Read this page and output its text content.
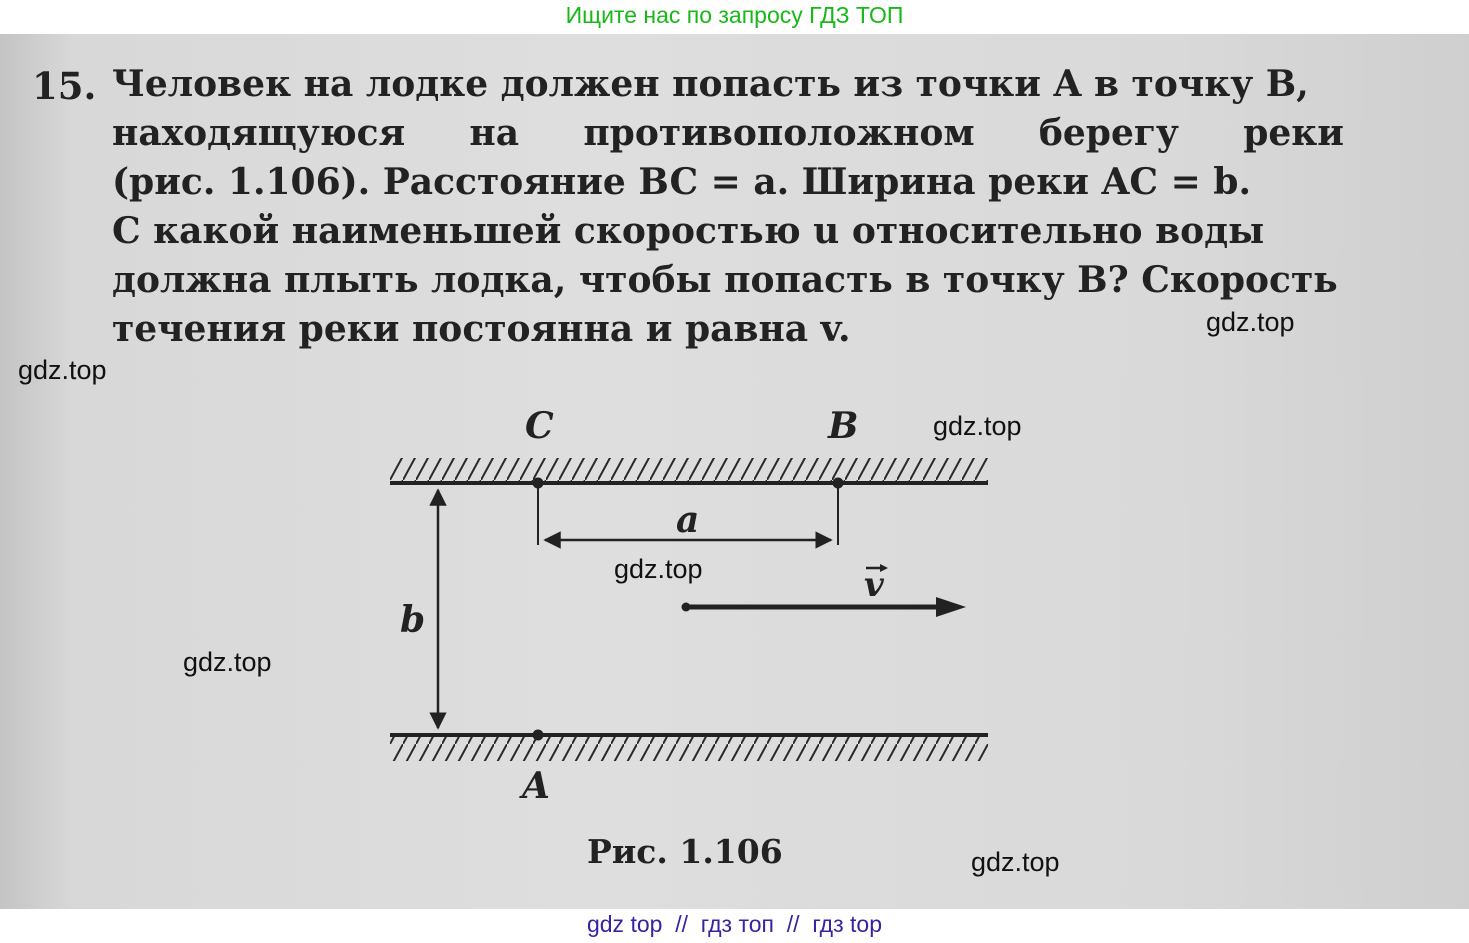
Ищите нас по запросу ГДЗ ТОП
15. Человек на лодке должен попасть из точки A в точку B,
находящуюся на противоположном берегу реки
(рис. 1.106). Расстояние BC = a. Ширина реки AC = b.
С какой наименьшей скоростью u относительно воды
должна плыть лодка, чтобы попасть в точку B? Скорость
течения реки постоянна и равна v.
C	B
A
a
b
v
Рис. 1.106
gdz.top
gdz.top
gdz.top
gdz.top
gdz.top
gdz.top
gdz top  //  гдз топ  //  гдз top
